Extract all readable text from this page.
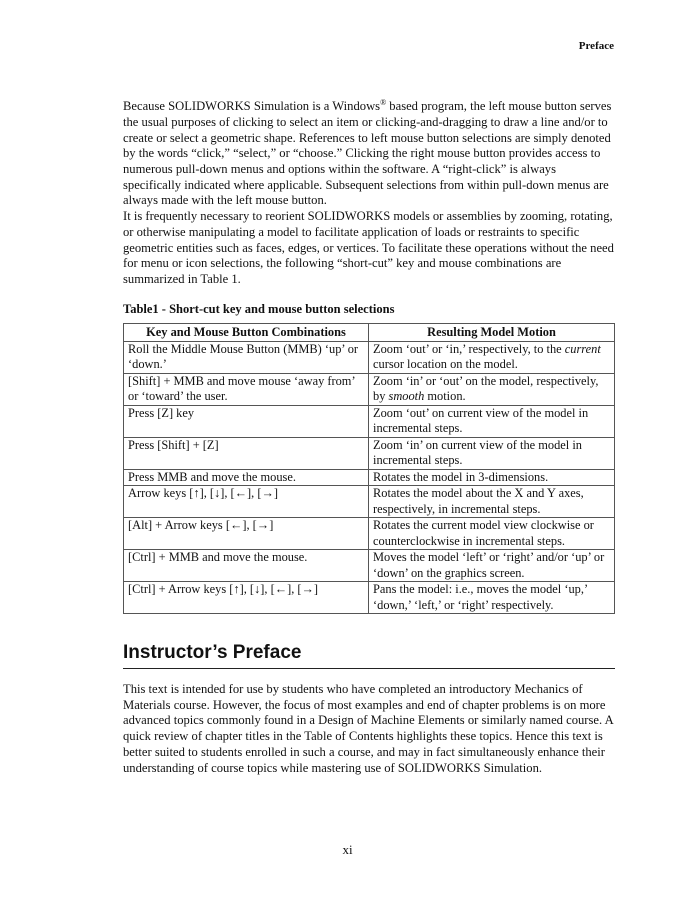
Preface

Because SOLIDWORKS Simulation is a Windows® based program, the left mouse button serves the usual purposes of clicking to select an item or clicking-and-dragging to draw a line and/or to create or select a geometric shape. References to left mouse button selections are simply denoted by the words “click,” “select,” or “choose.” Clicking the right mouse button provides access to numerous pull-down menus and options within the software. A “right-click” is always specifically indicated where applicable. Subsequent selections from within pull-down menus are always made with the left mouse button.
It is frequently necessary to reorient SOLIDWORKS models or assemblies by zooming, rotating, or otherwise manipulating a model to facilitate application of loads or restraints to specific geometric entities such as faces, edges, or vertices. To facilitate these operations without the need for menu or icon selections, the following “short-cut” key and mouse combinations are summarized in Table 1.

Table1 - Short-cut key and mouse button selections

Key and Mouse Button Combinations	Resulting Model Motion
Roll the Middle Mouse Button (MMB) ‘up’ or ‘down.’	Zoom ‘out’ or ‘in,’ respectively, to the current cursor location on the model.
[Shift] + MMB and move mouse ‘away from’ or ‘toward’ the user.	Zoom ‘in’ or ‘out’ on the model, respectively, by smooth motion.
Press [Z] key	Zoom ‘out’ on current view of the model in incremental steps.
Press [Shift] + [Z]	Zoom ‘in’ on current view of the model in incremental steps.
Press MMB and move the mouse.	Rotates the model in 3-dimensions.
Arrow keys [↑], [↓], [←], [→]	Rotates the model about the X and Y axes, respectively, in incremental steps.
[Alt] + Arrow keys [←], [→]	Rotates the current model view clockwise or counterclockwise in incremental steps.
[Ctrl] + MMB and move the mouse.	Moves the model ‘left’ or ‘right’ and/or ‘up’ or ‘down’ on the graphics screen.
[Ctrl] + Arrow keys [↑], [↓], [←], [→]	Pans the model: i.e., moves the model ‘up,’ ‘down,’ ‘left,’ or ‘right’ respectively.
Instructor’s Preface

This text is intended for use by students who have completed an introductory Mechanics of Materials course. However, the focus of most examples and end of chapter problems is on more advanced topics commonly found in a Design of Machine Elements or similarly named course. A quick review of chapter titles in the Table of Contents highlights these topics. Hence this text is better suited to students enrolled in such a course, and may in fact simultaneously enhance their understanding of course topics while mastering use of SOLIDWORKS Simulation.

xi
